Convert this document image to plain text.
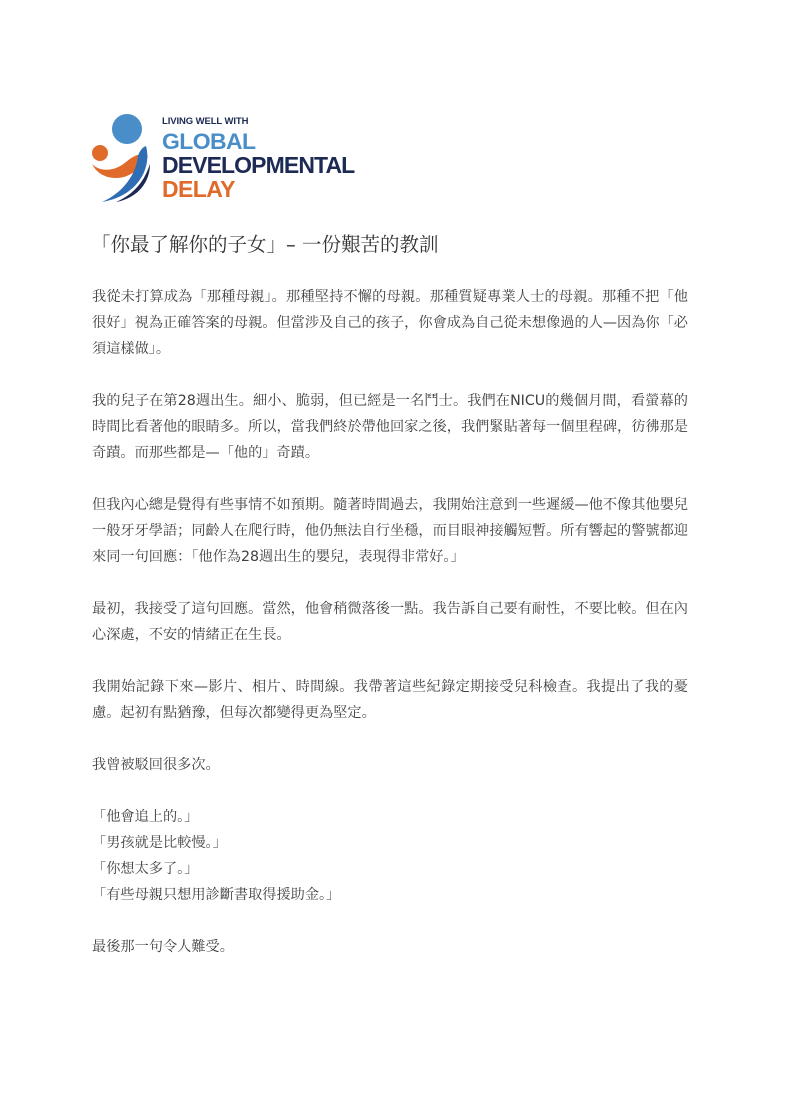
LIVING WELL WITH
GLOBAL
DEVELOPMENTAL
DELAY
「你最了解你的子女」– 一份艱苦的教訓

我從未打算成為「那種母親」。那種堅持不懈的母親。那種質疑專業人士的母親。那種不把「他很好」視為正確答案的母親。但當涉及自己的孩子，你會成為自己從未想像過的人—因為你「必須這樣做」。

我的兒子在第28週出生。細小、脆弱，但已經是一名鬥士。我們在NICU的幾個月間，看螢幕的時間比看著他的眼睛多。所以，當我們終於帶他回家之後，我們緊貼著每一個里程碑，彷彿那是奇蹟。而那些都是—「他的」奇蹟。

但我內心總是覺得有些事情不如預期。隨著時間過去，我開始注意到一些遲緩—他不像其他嬰兒一般牙牙學語；同齡人在爬行時，他仍無法自行坐穩，而目眼神接觸短暫。所有響起的警號都迎來同一句回應：「他作為28週出生的嬰兒，表現得非常好。」

最初，我接受了這句回應。當然，他會稍微落後一點。我告訴自己要有耐性，不要比較。但在內心深處，不安的情緒正在生長。

我開始記錄下來—影片、相片、時間線。我帶著這些紀錄定期接受兒科檢查。我提出了我的憂慮。起初有點猶豫，但每次都變得更為堅定。

我曾被駁回很多次。

「他會追上的。」
「男孩就是比較慢。」
「你想太多了。」
「有些母親只想用診斷書取得援助金。」

最後那一句令人難受。
